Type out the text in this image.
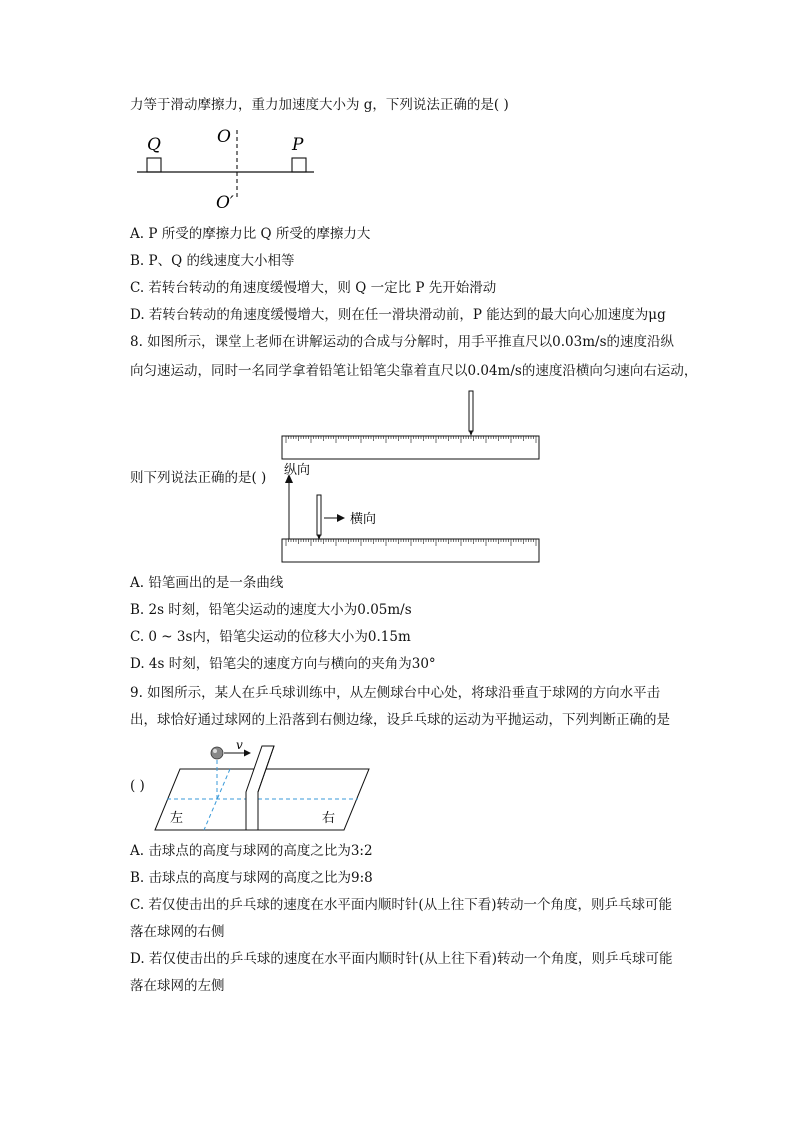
力等于滑动摩擦力，重力加速度大小为 g，下列说法正确的是( )
Q	O	P
O′
A. P 所受的摩擦力比 Q 所受的摩擦力大
B. P、Q 的线速度大小相等
C. 若转台转动的角速度缓慢增大，则 Q 一定比 P 先开始滑动
D. 若转台转动的角速度缓慢增大，则在任一滑块滑动前，P 能达到的最大向心加速度为μg
8. 如图所示，课堂上老师在讲解运动的合成与分解时，用手平推直尺以0.03m/s的速度沿纵
向匀速运动，同时一名同学拿着铅笔让铅笔尖靠着直尺以0.04m/s的速度沿横向匀速向右运动，
纵向
横向
则下列说法正确的是( )
A. 铅笔画出的是一条曲线
B. 2s 时刻，铅笔尖运动的速度大小为0.05m/s
C. 0 ~ 3s内，铅笔尖运动的位移大小为0.15m
D. 4s 时刻，铅笔尖的速度方向与横向的夹角为30°
9. 如图所示，某人在乒乓球训练中，从左侧球台中心处，将球沿垂直于球网的方向水平击
出，球恰好通过球网的上沿落到右侧边缘，设乒乓球的运动为平抛运动，下列判断正确的是
v
左	右
( )
A. 击球点的高度与球网的高度之比为3:2
B. 击球点的高度与球网的高度之比为9:8
C. 若仅使击出的乒乓球的速度在水平面内顺时针(从上往下看)转动一个角度，则乒乓球可能
落在球网的右侧
D. 若仅使击出的乒乓球的速度在水平面内顺时针(从上往下看)转动一个角度，则乒乓球可能
落在球网的左侧
